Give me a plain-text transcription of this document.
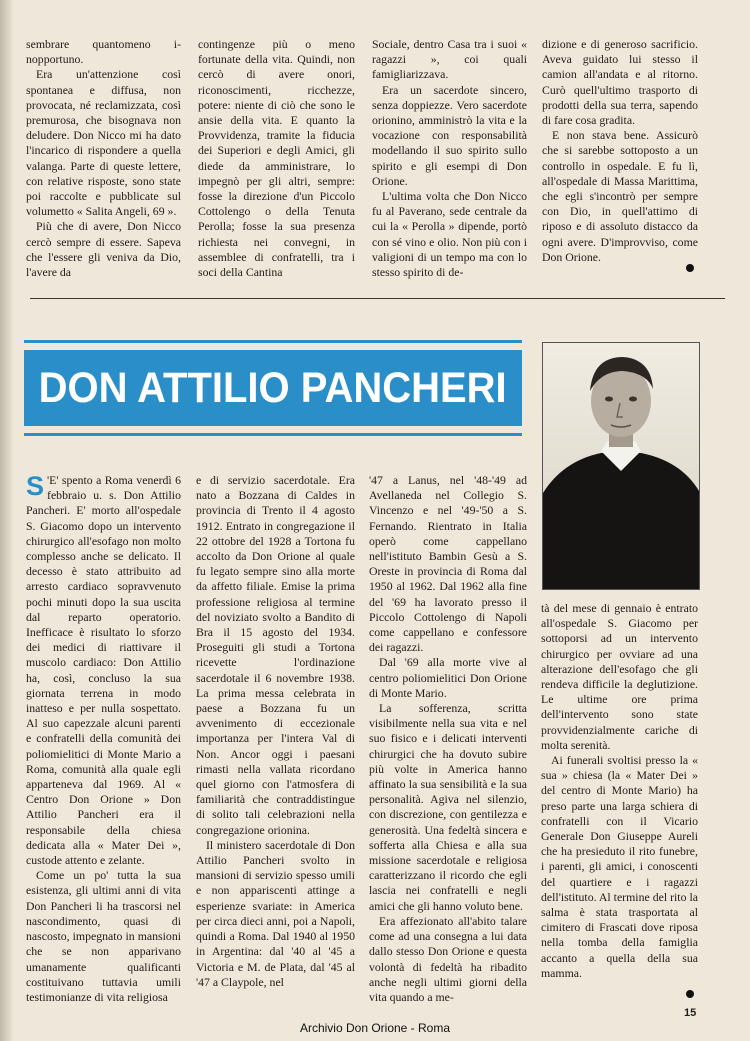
sembrare quantomeno i-nopportuno.

Era un'attenzione così spontanea e diffusa, non provocata, né reclamizzata, così premurosa, che bisognava non deludere. Don Nicco mi ha dato l'incarico di rispondere a quella valanga. Parte di queste lettere, con relative risposte, sono state poi raccolte e pubblicate sul volumetto « Salita Angeli, 69 ».

Più che di avere, Don Nicco cercò sempre di essere. Sapeva che l'essere gli veniva da Dio, l'avere da

contingenze più o meno fortunate della vita. Quindi, non cercò di avere onori, riconoscimenti, ricchezze, potere: niente di ciò che sono le ansie della vita. E quanto la Provvidenza, tramite la fiducia dei Superiori e degli Amici, gli diede da amministrare, lo impegnò per gli altri, sempre: fosse la direzione d'un Piccolo Cottolengo o della Tenuta Perolla; fosse la sua presenza richiesta nei convegni, in assemblee di confratelli, tra i soci della Cantina

Sociale, dentro Casa tra i suoi « ragazzi », coi quali famigliarizzava.

Era un sacerdote sincero, senza doppiezze. Vero sacerdote orionino, amministrò la vita e la vocazione con responsabilità modellando il suo spirito sullo spirito e gli esempi di Don Orione.

L'ultima volta che Don Nicco fu al Paverano, sede centrale da cui la « Perolla » dipende, portò con sé vino e olio. Non più con i valigioni di un tempo ma con lo stesso spirito di de-

dizione e di generoso sacrificio. Aveva guidato lui stesso il camion all'andata e al ritorno. Curò quell'ultimo trasporto di prodotti della sua terra, sapendo di fare cosa gradita.

E non stava bene. Assicurò che si sarebbe sottoposto a un controllo in ospedale. E fu lì, all'ospedale di Massa Marittima, che egli s'incontrò per sempre con Dio, in quell'attimo di riposo e di assoluto distacco da ogni avere. D'improvviso, come Don Orione.

DON ATTILIO PANCHERI

S 'E' spento a Roma venerdì 6 febbraio u. s. Don Attilio Pancheri. E' morto all'ospedale S. Giacomo dopo un intervento chirurgico all'esofago non molto complesso anche se delicato. Il decesso è stato attribuito ad arresto cardiaco sopravvenuto pochi minuti dopo la sua uscita dal reparto operatorio. Inefficace è risultato lo sforzo dei medici di riattivare il muscolo cardiaco: Don Attilio ha, così, concluso la sua giornata terrena in modo inatteso e per nulla sospettato. Al suo capezzale alcuni parenti e confratelli della comunità dei poliomielitici di Monte Mario a Roma, comunità alla quale egli apparteneva dal 1969. Al « Centro Don Orione » Don Attilio Pancheri era il responsabile della chiesa dedicata alla « Mater Dei », custode attento e zelante.

Come un po' tutta la sua esistenza, gli ultimi anni di vita Don Pancheri li ha trascorsi nel nascondimento, quasi di nascosto, impegnato in mansioni che se non apparivano umanamente qualificanti costituivano tuttavia umili testimonianze di vita religiosa

e di servizio sacerdotale. Era nato a Bozzana di Caldes in provincia di Trento il 4 agosto 1912. Entrato in congregazione il 22 ottobre del 1928 a Tortona fu accolto da Don Orione al quale fu legato sempre sino alla morte da affetto filiale. Emise la prima professione religiosa al termine del noviziato svolto a Bandito di Bra il 15 agosto del 1934. Proseguiti gli studi a Tortona ricevette l'ordinazione sacerdotale il 6 novembre 1938. La prima messa celebrata in paese a Bozzana fu un avvenimento di eccezionale importanza per l'intera Val di Non. Ancor oggi i paesani rimasti nella vallata ricordano quel giorno con l'atmosfera di familiarità che contraddistingue di solito tali celebrazioni nella congregazione orionina.

Il ministero sacerdotale di Don Attilio Pancheri svolto in mansioni di servizio spesso umili e non appariscenti attinge a esperienze svariate: in America per circa dieci anni, poi a Napoli, quindi a Roma. Dal 1940 al 1950 in Argentina: dal '40 al '45 a Victoria e M. de Plata, dal '45 al '47 a Claypole, nel

'47 a Lanus, nel '48-'49 ad Avellaneda nel Collegio S. Vincenzo e nel '49-'50 a S. Fernando. Rientrato in Italia operò come cappellano nell'istituto Bambin Gesù a S. Oreste in provincia di Roma dal 1950 al 1962. Dal 1962 alla fine del '69 ha lavorato presso il Piccolo Cottolengo di Napoli come cappellano e confessore dei ragazzi.

Dal '69 alla morte vive al centro poliomielitici Don Orione di Monte Mario.

La sofferenza, scritta visibilmente nella sua vita e nel suo fisico e i delicati interventi chirurgici che ha dovuto subire più volte in America hanno affinato la sua sensibilità e la sua personalità. Agiva nel silenzio, con discrezione, con gentilezza e generosità. Una fedeltà sincera e sofferta alla Chiesa e alla sua missione sacerdotale e religiosa caratterizzano il ricordo che egli lascia nei confratelli e negli amici che gli hanno voluto bene.

Era affezionato all'abito talare come ad una consegna a lui data dallo stesso Don Orione e questa volontà di fedeltà ha ribadito anche negli ultimi giorni della vita quando a me-

tà del mese di gennaio è entrato all'ospedale S. Giacomo per sottoporsi ad un intervento chirurgico per ovviare ad una alterazione dell'esofago che gli rendeva difficile la deglutizione. Le ultime ore prima dell'intervento sono state provvidenzialmente cariche di molta serenità.

Ai funerali svoltisi presso la « sua » chiesa (la « Mater Dei » del centro di Monte Mario) ha preso parte una larga schiera di confratelli con il Vicario Generale Don Giuseppe Aureli che ha presieduto il rito funebre, i parenti, gli amici, i conoscenti del quartiere e i ragazzi dell'istituto. Al termine del rito la salma è stata trasportata al cimitero di Frascati dove riposa nella tomba della famiglia accanto a quella della sua mamma.

15
Archivio Don Orione - Roma
